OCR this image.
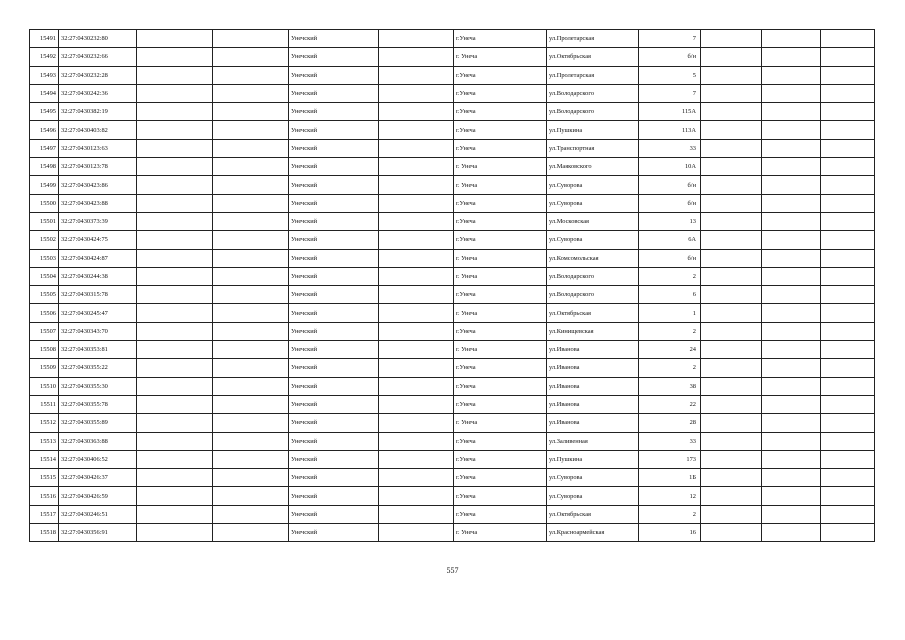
15491	32:27:0430232:80			Унечский		г.Унеча	ул.Пролетарская	7			
15492	32:27:0430232:66			Унечский		г. Унеча	ул.Октябрьская	б/н			
15493	32:27:0430232:28			Унечский		г.Унеча	ул.Пролетарская	5			
15494	32:27:0430242:36			Унечский		г.Унеча	ул.Володарского	7			
15495	32:27:0430382:19			Унечский		г.Унеча	ул.Володарского	115А			
15496	32:27:0430403:82			Унечский		г.Унеча	ул.Пушкина	113А			
15497	32:27:0430123:63			Унечский		г.Унеча	ул.Транспортная	33			
15498	32:27:0430123:78			Унечский		г. Унеча	ул.Маяковского	10А			
15499	32:27:0430423:86			Унечский		г. Унеча	ул.Суворова	б/н			
15500	32:27:0430423:88			Унечский		г.Унеча	ул.Суворова	б/н			
15501	32:27:0430373:39			Унечский		г.Унеча	ул.Московская	13			
15502	32:27:0430424:75			Унечский		г.Унеча	ул.Суворова	6А			
15503	32:27:0430424:87			Унечский		г. Унеча	ул.Комсомольская	б/н			
15504	32:27:0430244:38			Унечский		г. Унеча	ул.Володарского	2			
15505	32:27:0430315:78			Унечский		г.Унеча	ул.Володарского	6			
15506	32:27:0430245:47			Унечский		г. Унеча	ул.Октябрьская	1			
15507	32:27:0430343:70			Унечский		г.Унеча	ул.Кинищевская	2			
15508	32:27:0430353:81			Унечский		г. Унеча	ул.Иванова	24			
15509	32:27:0430355:22			Унечский		г.Унеча	ул.Иванова	2			
15510	32:27:0430355:30			Унечский		г.Унеча	ул.Иванова	38			
15511	32:27:0430355:78			Унечский		г.Унеча	ул.Иванова	22			
15512	32:27:0430355:89			Унечский		г. Унеча	ул.Иванова	28			
15513	32:27:0430363:88			Унечский		г.Унеча	ул.Заливенная	33			
15514	32:27:0430406:52			Унечский		г.Унеча	ул.Пушкина	173			
15515	32:27:0430426:37			Унечский		г.Унеча	ул.Суворова	1Б			
15516	32:27:0430426:59			Унечский		г.Унеча	ул.Суворова	12			
15517	32:27:0430246:51			Унечский		г.Унеча	ул.Октябрьская	2			
15518	32:27:0430356:91			Унечский		г. Унеча	ул.Красноармейская	16			
557
